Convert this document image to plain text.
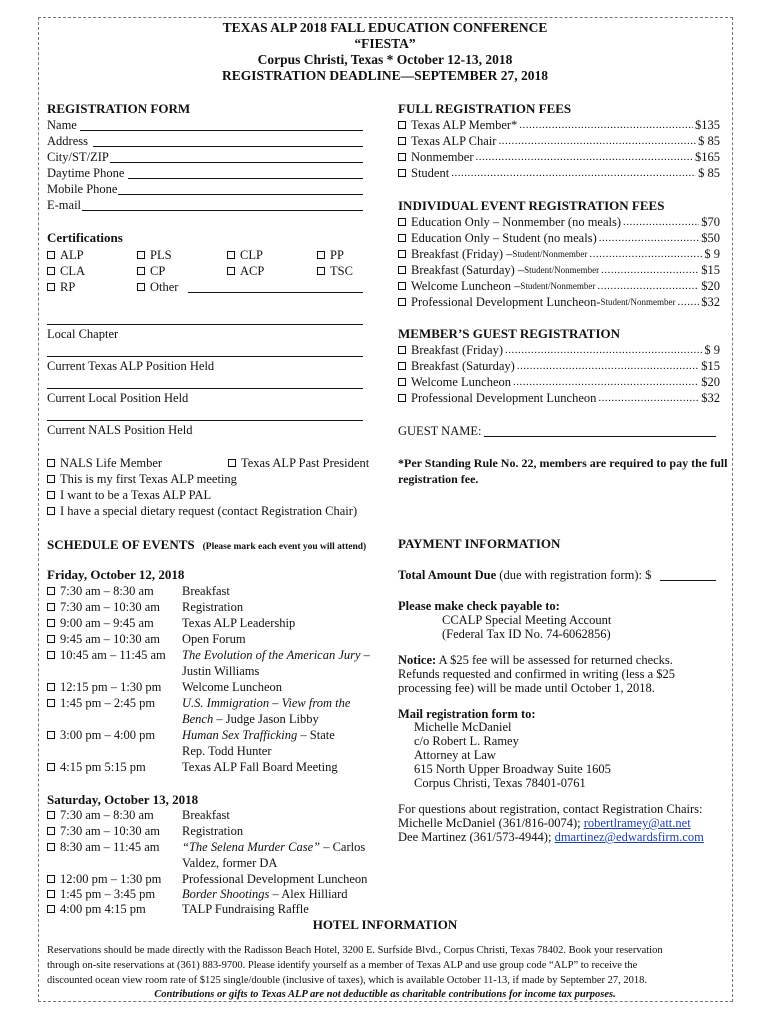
TEXAS ALP 2018 FALL EDUCATION CONFERENCE
“FIESTA”
Corpus Christi, Texas * October 12-13, 2018
REGISTRATION DEADLINE—SEPTEMBER 27, 2018
REGISTRATION FORM
Name
Address
City/ST/ZIP
Daytime Phone
Mobile Phone
E-mail
Certifications
ALP	PLS	CLP	PP
CLA	CP	ACP	TSC
RP	Other
Local Chapter
Current Texas ALP Position Held
Current Local Position Held
Current NALS Position Held
NALS Life Member	Texas ALP Past President
This is my first Texas ALP meeting
I want to be a Texas ALP PAL
I have a special dietary request (contact Registration Chair)
SCHEDULE OF EVENTS (Please mark each event you will attend)
Friday, October 12, 2018
7:30 am – 8:30 am Breakfast
7:30 am – 10:30 am Registration
9:00 am – 9:45 am Texas ALP Leadership
9:45 am – 10:30 am Open Forum
10:45 am – 11:45 am The Evolution of the American Jury –
Justin Williams
12:15 pm – 1:30 pm Welcome Luncheon
1:45 pm – 2:45 pm U.S. Immigration – View from the
Bench – Judge Jason Libby
3:00 pm – 4:00 pm Human Sex Trafficking – State
Rep. Todd Hunter
4:15 pm 5:15 pm	Texas ALP Fall Board Meeting
Saturday, October 13, 2018
7:30 am – 8:30 am Breakfast
7:30 am – 10:30 am Registration
8:30 am – 11:45 am “The Selena Murder Case” – Carlos
Valdez, former DA
12:00 pm – 1:30 pm Professional Development Luncheon
1:45 pm – 3:45 pm Border Shootings – Alex Hilliard
4:00 pm 4:15 pm	TALP Fundraising Raffle
FULL REGISTRATION FEES
Texas ALP Member* .....	$135
Texas ALP Chair .....	$ 85
Nonmember .....	$165
Student .....	$ 85
INDIVIDUAL EVENT REGISTRATION FEES
Education Only – Nonmember (no meals) .....	$70
Education Only – Student (no meals) .....	$50
Breakfast (Friday) – Student/Nonmember .....	$ 9
Breakfast (Saturday) – Student/Nonmember .....	$15
Welcome Luncheon – Student/Nonmember .....	$20
Professional Development Luncheon- Student/Nonmember ..... $32
MEMBER’S GUEST REGISTRATION
Breakfast (Friday) .....	$ 9
Breakfast (Saturday) .....	$15
Welcome Luncheon .....	$20
Professional Development Luncheon .....	$32
GUEST NAME:
*Per Standing Rule No. 22, members are required to pay the full registration fee.
PAYMENT INFORMATION
Total Amount Due (due with registration form): $
Please make check payable to:
CCALP Special Meeting Account
(Federal Tax ID No. 74-6062856)
Notice: A $25 fee will be assessed for returned checks.
Refunds requested and confirmed in writing (less a $25
processing fee) will be made until October 1, 2018.
Mail registration form to:
Michelle McDaniel
c/o Robert L. Ramey
Attorney at Law
615 North Upper Broadway Suite 1605
Corpus Christi, Texas 78401-0761
For questions about registration, contact Registration Chairs:
Michelle McDaniel (361/816-0074); robertlramey@att.net
Dee Martinez (361/573-4944); dmartinez@edwardsfirm.com
HOTEL INFORMATION
Reservations should be made directly with the Radisson Beach Hotel, 3200 E. Surfside Blvd., Corpus Christi, Texas 78402. Book your reservation
through on-site reservations at (361) 883-9700. Please identify yourself as a member of Texas ALP and use group code “ALP” to receive the
discounted ocean view room rate of $125 single/double (inclusive of taxes), which is available October 11-13, if made by September 27, 2018.
Contributions or gifts to Texas ALP are not deductible as charitable contributions for income tax purposes.
